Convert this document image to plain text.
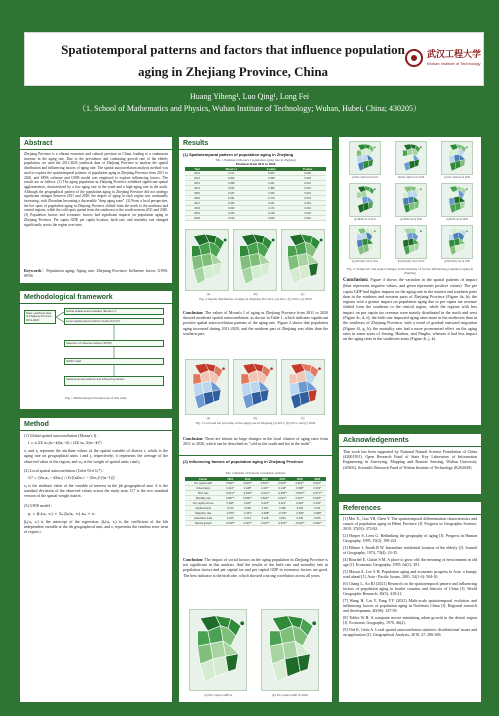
Spatiotemporal patterns and factors that influence population
aging in Zhejiang Province, China
武汉工程大学
Wuhan Institute of Technology
Huang Yiheng¹, Luo Qing¹, Long Fei
（1. School of Mathematics and Physics, Wuhan Institute of Technology; Wuhan, Hubei, China; 430205）
Abstract
Zhejiang Province is a vibrant economic and cultural province in China, leading to a continuous increase in the aging rate. Due to the prevalence and continuing growth rate of the elderly population, we used the 2011-2020 yearbook data of Zhejiang Province to analyze the spatial distribution and influencing factors of aging rate. The spatial autocorrelation analysis method was used to explore the spatiotemporal patterns of population aging in Zhejiang Province from 2011 to 2020, and SPSS software and GWR model was employed to explore influencing factors. The results are as follows. (1) The aging population in Zhejiang Province exhibited significant spatial agglomeration, characterized by a low aging rate in the south and a high aging rate in the north. Although the geographical pattern of the population aging in Zhejiang Province did not undergo significant changes between 2011 and 2020, the degree of aging in each region was continually increasing, with Zhoushan becoming a discernible "deep aging zone". (2) From a local perspective, the hot spots of population aging in Zhejiang Province shifted from the north to the northeast and central regions, while the cold spots spread from the southwest to the south-western 2011 and 2020. (3) Population factors and economic factors had significant impacts on population aging in Zhejiang Province. Per capita GDP, per capita location, birth rate, and mortality rate changed significantly across the region over time.
Keywords：Population aging; Aging rate; Zhejiang Province; Influence factor; GWR; SPSS
Methodological framework
Data: yearbook data of Zhejiang Province 2011-2020
Global spatial autocorrelation (Moran's I)
Local spatial autocorrelation (Getis-Ord Gi*)
Selection of influence factors (SPSS)
GWR model
Spatiotemporal patterns and influencing factors
Fig. 1 Methodological framework of this study
Method
(1) Global spatial autocorrelation (Moran's I) :
I = n ΣΣ wᵢⱼ(xᵢ−x̄)(xⱼ−x̄) / (ΣΣ wᵢⱼ Σ(xᵢ−x̄)²)
xᵢ and xⱼ represent the attribute values of the spatial variable of district i, which is the aging rate on geographical units i and j, respectively; x̄ represents the average of the observed value of the region; and wᵢⱼ is the weight of spatial units i and j.
(2) Local spatial autocorrelation (Getis-Ord Gᵢ*) :
Gᵢ* = (Σwᵢⱼxⱼ − x̄Σwᵢⱼ) / (S√[(nΣwᵢⱼ² − (Σwᵢⱼ)²)/(n−1)])
xⱼ is the attribute value of the variable of interest in the jth geographical unit. S is the standard deviation of the observed values across the study area; Gᵢ* is the row standard version of the spatial weight matrix.
(3) GWR model :
yᵢ = β₀(uᵢ, vᵢ) + Σₖ βₖ(uᵢ, vᵢ) xᵢₖ + εᵢ
β₀(uᵢ, vᵢ) is the intercept of the regression, βₖ(uᵢ, vᵢ) is the coefficient of the kth independent variable at the ith geographical unit, and εᵢ represents the random error term of region i.
Results
(1) Spatiotemporal pattern of population aging in Zhejiang
Tab. 1 Estimated Moran's I population aging rate in Zhejiang
Provinces from 2011 to 2020
Year	Moran's I	Z-value	P-value
2011	0.371	3.562	0.000
2012	0.364	3.498	0.000
2013	0.358	3.441	0.001
2014	0.352	3.385	0.001
2015	0.347	3.336	0.001
2016	0.341	3.279	0.001
2017	0.336	3.231	0.001
2018	0.330	3.174	0.002
2019	0.325	3.126	0.002
2020	0.319	3.069	0.002
(a)	(b)	(c)
Fig. 2 Spatial distribution of aging in Zhejiang Province, (a) 2011, (b) 2015, (c) 2020
Conclusion: The values of Moran's I of aging in Zhejiang Province from 2011 to 2020 showed moderate spatial autocorrelation, as shown in Table 1, which indicates significant positive spatial autocorrelation patterns of the aging rate. Figure 2 shows that population aging increased during 2011-2020, and the northern part of Zhejiang was older than the southern part.
(a)	(b)	(c)
Fig. 3 Cold and hot spot map of the aging rate in Zhejiang (a) 2011, (b) 2015, and (c) 2020
Conclusion: There are almost no large changes in the local clusters of aging rates from 2011 to 2020, which can be described as "cold in the south and hot in the north".
(2) Influencing factors of population aging in Zhejiang Province
Tab. 2 Results of Pearson correlation analysis
Factor	2011	2013	2015	2017	2019	2020
Per capita GDP	0.526**	0.544**	0.561**	0.578**	0.592**	0.603**
Urbanization	0.412*	0.428*	0.437*	0.449*	0.458*	0.466*
Birth rate	-0.621**	-0.634**	-0.642**	-0.655**	-0.663**	-0.671**
Mortality rate	0.587**	0.596**	0.604**	0.613**	0.621**	0.628**
Per capita income	0.398*	0.405*	0.413*	0.421*	0.429*	0.436*
Medical beds	0.276	0.283	0.291	0.298	0.305	0.311
Migration rate	-0.354*	-0.361*	-0.368*	-0.375*	-0.382*	-0.389*
Education level	0.215	0.221	0.228	0.234	0.240	0.246
Natural growth	-0.598**	-0.607**	-0.615**	-0.624**	-0.632**	-0.640**
Conclusion: The impact of social factors on the aging population in Zhejiang Province is not significant in this analysis. And the results of the birth rate and mortality rate in population factors and per capital tax and per capital GDP in economic factors are good. The best indicator is the birth rate, which showed a strong correlation across all years.
(a) Per capita GDP in	(b) Per capita GDP in 2020
(a) Per capita tax in 2011	(b) Per capita tax in 2016	(c) Per capita tax in 2020
(d) Birth rate in 2011	(e) Birth rate in 2016	(f) Birth rate in 2020
(g) Mortality rate in 2011	(h) Mortality rate in 2016	(i) Mortality rate in 2020
Fig. 4 "Temporal" and spatial changes in the intensity of factors influencing population aging in Zhejiang
Conclusion: Figure 4 shows the variation in the spatial patterns of impact (blue represents negative values, and green represents positive values). The per capita GDP had higher impacts on the aging rate in the eastern and southern parts than in the northern and western parts of Zhejiang Province (Figure 4a, b); the regions with a greater impact on population aging due to per capita tax revenue shifted from the southeast to the central region, while the regions with less impact on per capita tax revenue were mainly distributed in the north and west (Figure 4c, d, e); the birth rate impacted aging rates more in the northwest than in the southeast of Zhejiang Province, with a trend of gradual eastward migration (Figure 4f, g, h); the mortality rate had a more pronounced effect on the aging rates in some areas of Jiaxing, Huzhou, and Ningbo, whereas it had less impact on the aging rates in the southwest areas (Figure 4i, j, k).
Acknowledgements
This work has been supported by National Natural Science Foundation of China (42001391), Open Research Fund of State Key Laboratory of Information Engineering in Surveying, Mapping and Remote Sensing, Wuhan University (20S03), Scientific Research Fund of Wuhan Institute of Technology (K202049).
References
[1] Mei X., Gao YR, Chen Y. The spatiotemporal differentiation characteristics and causes of population aging in Hebei Province [J]. Progress in Geographic Science, 2019, 37(03): 372-82.
[2] Harper S, Leeu G. Rethinking the geography of aging [J]. Progress in Human Geography, 1995, 19(2): 199-221.
[3] Hilmer J, Smith B W. Intraurban residential location of the elderly [J]. Journal of Geography, 1974, 73(4): 23-35.
[4] Bourdel E, Gafari S M. A place to grow old: the meaning of environment in old age [J]. Economic Geography, 1995, 64(1): 381.
[5] Mason A, Lee S H. Population aging and economic progress in Asia: a bumpy road ahead [J]. Asia - Pacific Issues, 2001, 54(1-4): 504-10.
[6] Chang L, Ao RJ (2021) Research on the spatiotemporal pattern and influencing factors of population aging in border counties and districts of China [J]. World Geographic Research, 30(5): 410-21.
[7] Wang H, Liu Y, Fang YY (2021) Multi-scale spatiotemporal evolution and influencing factors of population aging in Northeast China [J]. Regional research and development, 40(06): 147-59.
[8] Tobler W R. A computer movie simulating urban growth in the detroit region [J]. Economic Geography, 1970, 46(2).
[9] Ord K, Getis A. Local spatial autocorrelation statistics: distributional issues and an application [J]. Geographical Analysis, 2010, 27: 286-306.
